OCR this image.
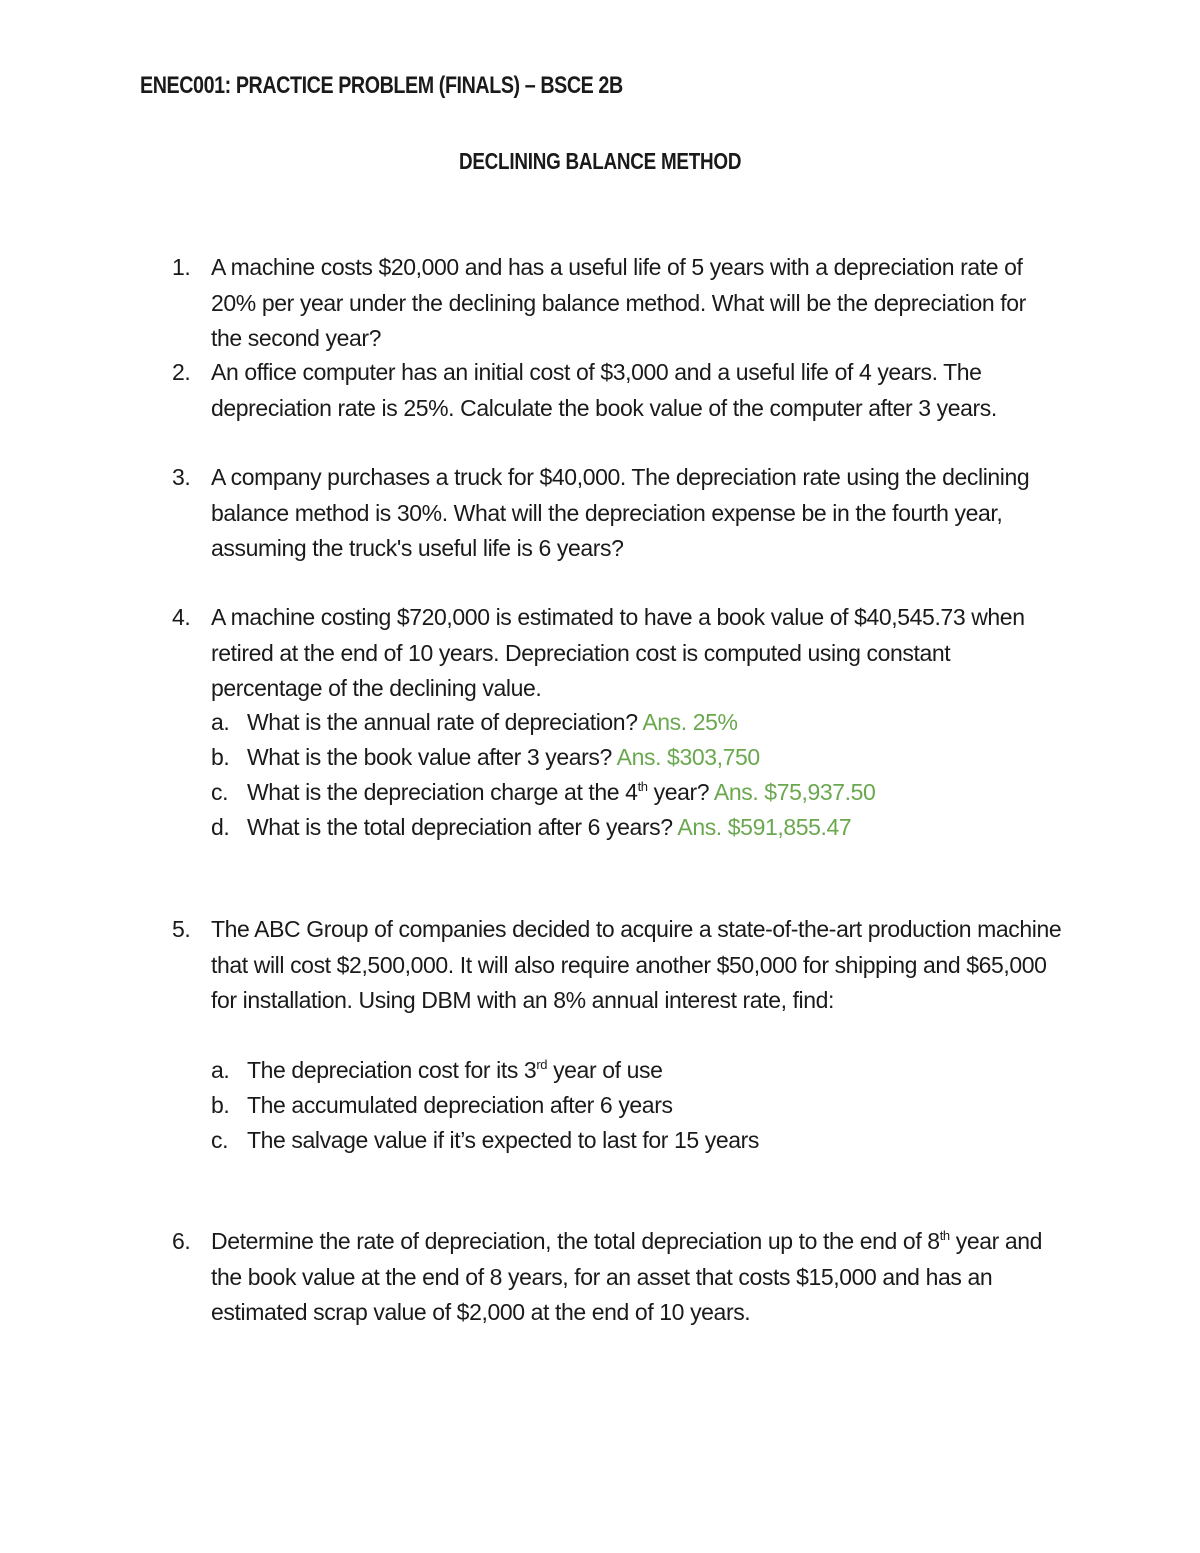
ENEC001: PRACTICE PROBLEM (FINALS) – BSCE 2B
DECLINING BALANCE METHOD
1. A machine costs $20,000 and has a useful life of 5 years with a depreciation rate of 20% per year under the declining balance method. What will be the depreciation for the second year?
2. An office computer has an initial cost of $3,000 and a useful life of 4 years. The depreciation rate is 25%. Calculate the book value of the computer after 3 years.
3. A company purchases a truck for $40,000. The depreciation rate using the declining balance method is 30%. What will the depreciation expense be in the fourth year, assuming the truck's useful life is 6 years?
4. A machine costing $720,000 is estimated to have a book value of $40,545.73 when retired at the end of 10 years. Depreciation cost is computed using constant percentage of the declining value.
a. What is the annual rate of depreciation? Ans. 25%
b. What is the book value after 3 years? Ans. $303,750
c. What is the depreciation charge at the 4th year? Ans. $75,937.50
d. What is the total depreciation after 6 years? Ans. $591,855.47
5. The ABC Group of companies decided to acquire a state-of-the-art production machine that will cost $2,500,000. It will also require another $50,000 for shipping and $65,000 for installation. Using DBM with an 8% annual interest rate, find:
a. The depreciation cost for its 3rd year of use
b. The accumulated depreciation after 6 years
c. The salvage value if it’s expected to last for 15 years
6. Determine the rate of depreciation, the total depreciation up to the end of 8th year and the book value at the end of 8 years, for an asset that costs $15,000 and has an estimated scrap value of $2,000 at the end of 10 years.
